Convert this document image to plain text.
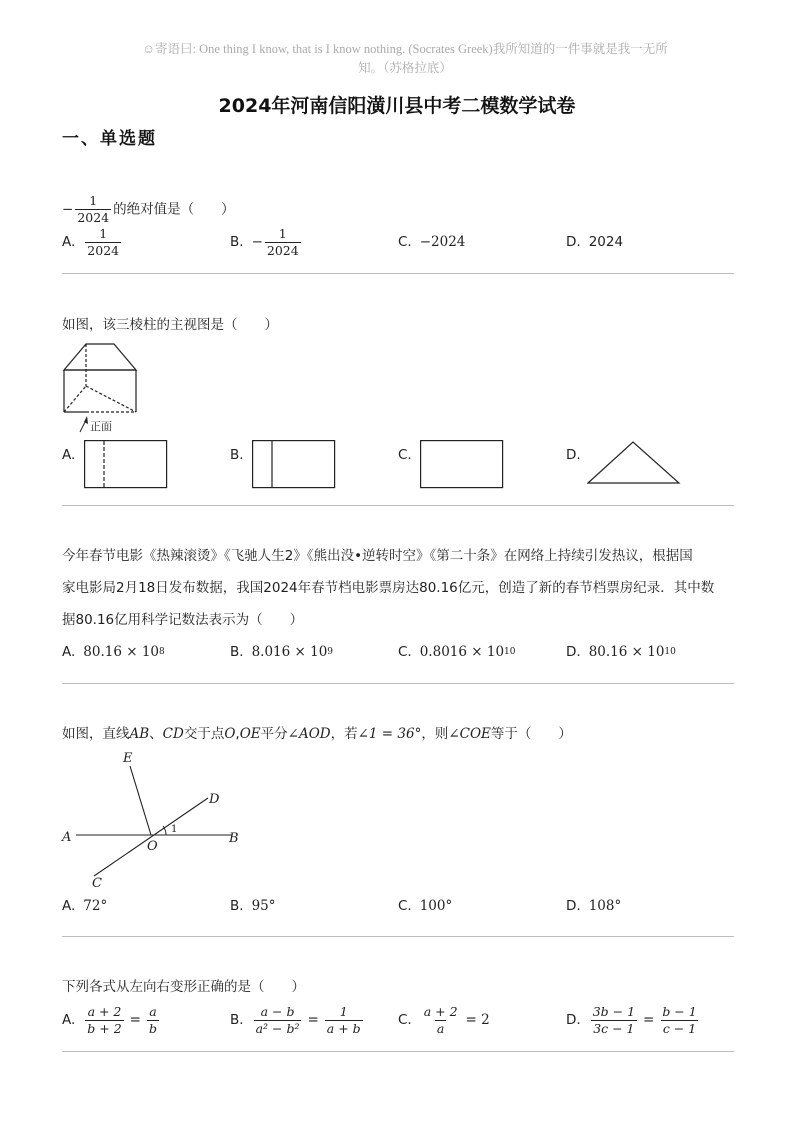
☺寄语曰: One thing I know, that is I know nothing. (Socrates Greek)我所知道的一件事就是我一无所
知。（苏格拉底）
2024年河南信阳潢川县中考二模数学试卷
一、单选题
− $\frac{1}{2024}$ 的绝对值是（　　）
A. $\frac{1}{2024}$	B. − $\frac{1}{2024}$	C. −2024	D. 2024
如图，该三棱柱的主视图是（　　）
正面
A.	B.	C.	D.
今年春节电影《热辣滚烫》《飞驰人生2》《熊出没•逆转时空》《第二十条》在网络上持续引发热议，根据国
家电影局2月18日发布数据，我国2024年春节档电影票房达80.16亿元，创造了新的春节档票房纪录．其中数
据80.16亿用科学记数法表示为（　　）
A. 80.16 × 10 8	B. 8.016 × 10 9	C. 0.8016 × 10 10	D. 80.16 × 10 10
如图，直线AB、CD交于点O,OE平分∠AOD，若∠1 = 36°，则∠COE等于（　　）
E
D
A
O
B
C
1
A. 72°	B. 95°	C. 100°	D. 108°
下列各式从左向右变形正确的是（　　）
A. $\frac{a + 2}{b + 2} = \frac{a}{b}$	B. $\frac{a - b}{\text{a² − b²}} = \frac{1}{a + b}$	C. $\frac{a + 2}{a} = 2$	D. $\frac{3b - 1}{3c - 1} = \frac{b - 1}{c - 1}$
